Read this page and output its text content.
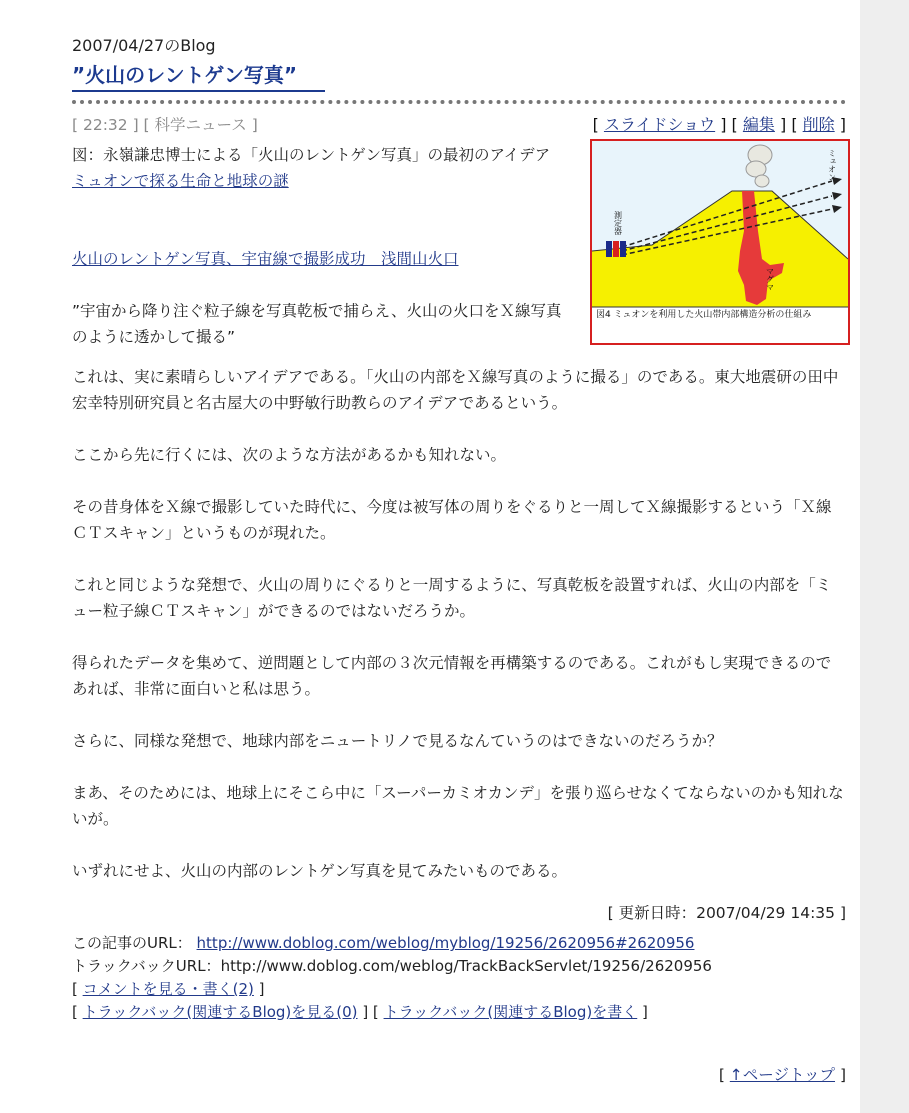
2007/04/27のBlog
”火山のレントゲン写真”
[ 22:32 ] [ 科学ニュース ]	[ スライドショウ ] [ 編集 ] [ 削除 ]
図：永嶺謙忠博士による「火山のレントゲン写真」の最初のアイデア
ミュオンで探る生命と地球の謎
火山のレントゲン写真、宇宙線で撮影成功　浅間山火口
”宇宙から降り注ぐ粒子線を写真乾板で捕らえ、火山の火口をＸ線写真のように透かして撮る”
測定器
ミュオン
マグマ
図4 ミュオンを利用した火山帯内部構造分析の仕組み

これは、実に素晴らしいアイデアである。「火山の内部をＸ線写真のように撮る」のである。東大地震研の田中宏幸特別研究員と名古屋大の中野敏行助教らのアイデアであるという。

ここから先に行くには、次のような方法があるかも知れない。

その昔身体をＸ線で撮影していた時代に、今度は被写体の周りをぐるりと一周してＸ線撮影するという「Ｘ線ＣＴスキャン」というものが現れた。

これと同じような発想で、火山の周りにぐるりと一周するように、写真乾板を設置すれば、火山の内部を「ミュー粒子線ＣＴスキャン」ができるのではないだろうか。

得られたデータを集めて、逆問題として内部の３次元情報を再構築するのである。これがもし実現できるのであれば、非常に面白いと私は思う。

さらに、同様な発想で、地球内部をニュートリノで見るなんていうのはできないのだろうか？

まあ、そのためには、地球上にそこら中に「スーパーカミオカンデ」を張り巡らせなくてならないのかも知れないが。

いずれにせよ、火山の内部のレントゲン写真を見てみたいものである。

[ 更新日時：2007/04/29 14:35 ]
この記事のURL： http://www.doblog.com/weblog/myblog/19256/2620956#2620956
トラックバックURL：http://www.doblog.com/weblog/TrackBackServlet/19256/2620956
[ コメントを見る・書く(2) ]
[ トラックバック(関連するBlog)を見る(0) ] [ トラックバック(関連するBlog)を書く ]
[ ↑ページトップ ]
